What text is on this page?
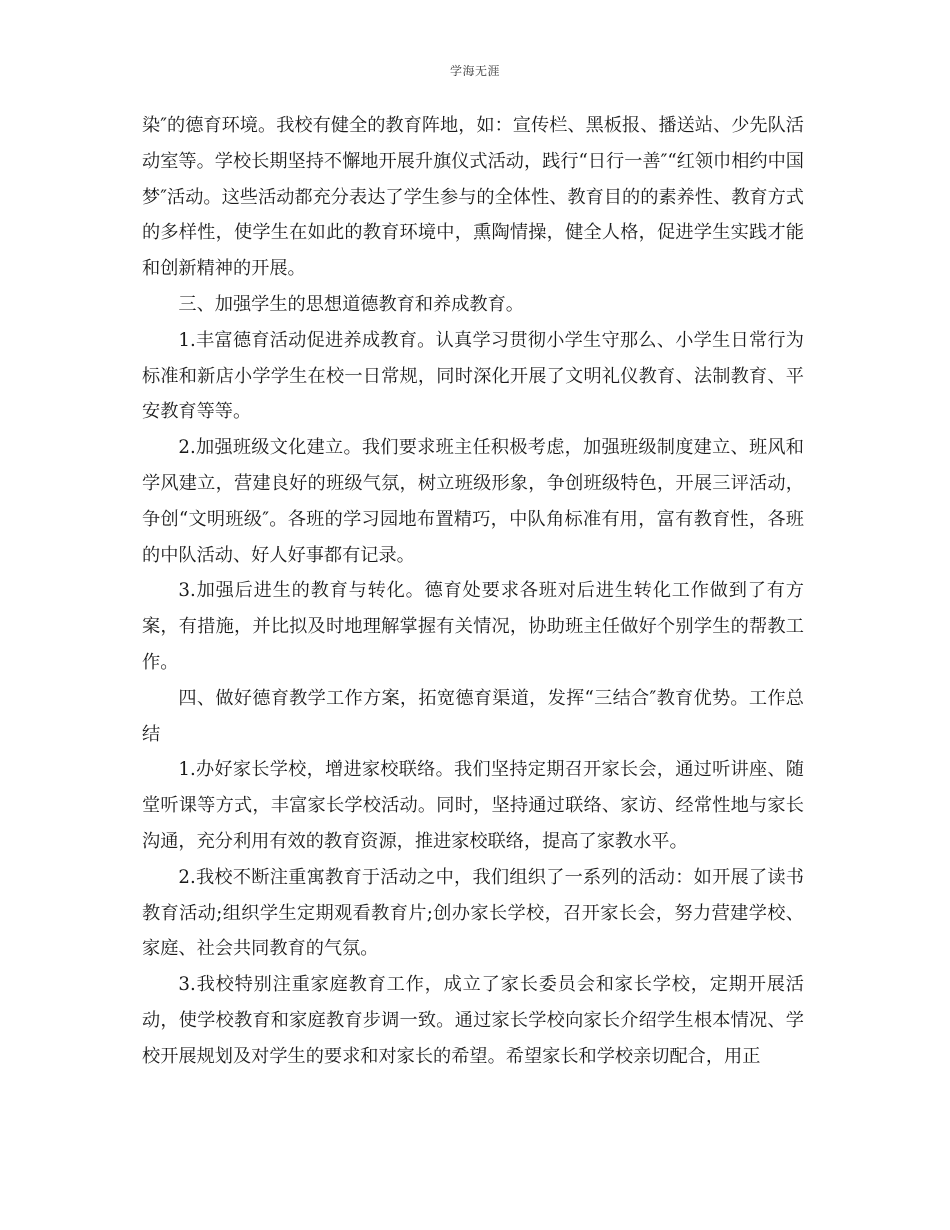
学海无涯

染″的德育环境。我校有健全的教育阵地，如：宣传栏、黑板报、播送站、少先队活动室等。学校长期坚持不懈地开展升旗仪式活动，践行“日行一善″“红领巾相约中国梦″活动。这些活动都充分表达了学生参与的全体性、教育目的的素养性、教育方式的多样性，使学生在如此的教育环境中，熏陶情操，健全人格，促进学生实践才能和创新精神的开展。

三、加强学生的思想道德教育和养成教育。

1.丰富德育活动促进养成教育。认真学习贯彻小学生守那么、小学生日常行为标准和新店小学学生在校一日常规，同时深化开展了文明礼仪教育、法制教育、平安教育等等。

2.加强班级文化建立。我们要求班主任积极考虑，加强班级制度建立、班风和学风建立，营建良好的班级气氛，树立班级形象，争创班级特色，开展三评活动，争创“文明班级″。各班的学习园地布置精巧，中队角标准有用，富有教育性，各班的中队活动、好人好事都有记录。

3.加强后进生的教育与转化。德育处要求各班对后进生转化工作做到了有方案，有措施，并比拟及时地理解掌握有关情况，协助班主任做好个别学生的帮教工作。

四、做好德育教学工作方案，拓宽德育渠道，发挥“三结合″教育优势。工作总结

1.办好家长学校，增进家校联络。我们坚持定期召开家长会，通过听讲座、随堂听课等方式，丰富家长学校活动。同时，坚持通过联络、家访、经常性地与家长沟通，充分利用有效的教育资源，推进家校联络，提高了家教水平。

2.我校不断注重寓教育于活动之中，我们组织了一系列的活动：如开展了读书教育活动;组织学生定期观看教育片;创办家长学校，召开家长会，努力营建学校、家庭、社会共同教育的气氛。

3.我校特别注重家庭教育工作，成立了家长委员会和家长学校，定期开展活动，使学校教育和家庭教育步调一致。通过家长学校向家长介绍学生根本情况、学校开展规划及对学生的要求和对家长的希望。希望家长和学校亲切配合，用正
